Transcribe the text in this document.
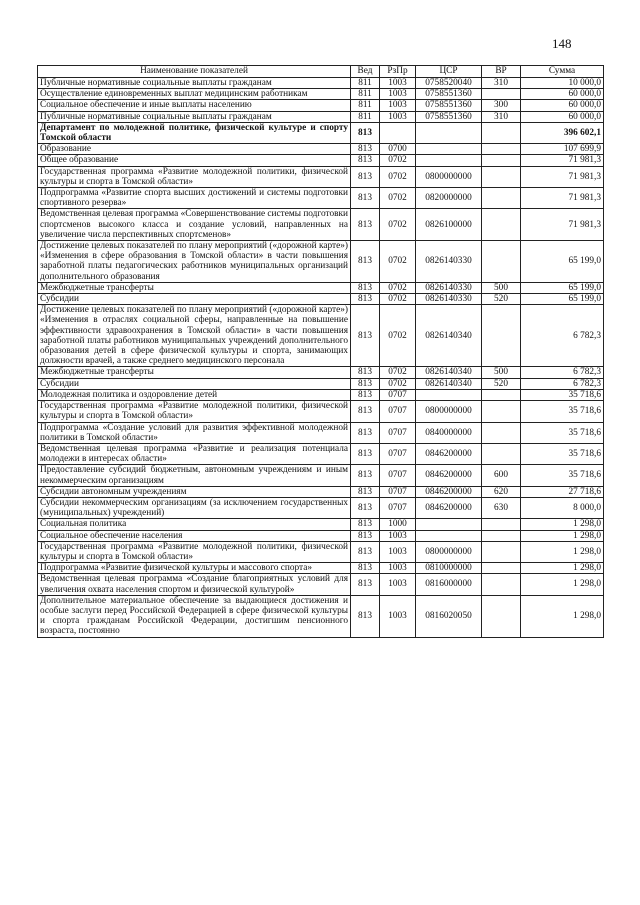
148
Наименование показателей	Вед	РзПр	ЦСР	ВР	Сумма
Публичные нормативные социальные выплаты гражданам	811	1003	0758520040	310	10 000,0
Осуществление единовременных выплат медицинским работникам	811	1003	0758551360		60 000,0
Социальное обеспечение и иные выплаты населению	811	1003	0758551360	300	60 000,0
Публичные нормативные социальные выплаты гражданам	811	1003	0758551360	310	60 000,0
Департамент по молодежной политике, физической культуре и спорту Томской области	813				396 602,1
Образование	813	0700			107 699,9
Общее образование	813	0702			71 981,3
Государственная программа «Развитие молодежной политики, физической культуры и спорта в Томской области»	813	0702	0800000000		71 981,3
Подпрограмма «Развитие спорта высших достижений и системы подготовки спортивного резерва»	813	0702	0820000000		71 981,3
Ведомственная целевая программа «Совершенствование системы подготовки спортсменов высокого класса и создание условий, направленных на увеличение числа перспективных спортсменов»	813	0702	0826100000		71 981,3
Достижение целевых показателей по плану мероприятий («дорожной карте») «Изменения в сфере образования в Томской области» в части повышения заработной платы педагогических работников муниципальных организаций дополнительного образования	813	0702	0826140330		65 199,0
Межбюджетные трансферты	813	0702	0826140330	500	65 199,0
Субсидии	813	0702	0826140330	520	65 199,0
Достижение целевых показателей по плану мероприятий («дорожной карте») «Изменения в отраслях социальной сферы, направленные на повышение эффективности здравоохранения в Томской области» в части повышения заработной платы работников муниципальных учреждений дополнительного образования детей в сфере физической культуры и спорта, занимающих должности врачей, а также среднего медицинского персонала	813	0702	0826140340		6 782,3
Межбюджетные трансферты	813	0702	0826140340	500	6 782,3
Субсидии	813	0702	0826140340	520	6 782,3
Молодежная политика и оздоровление детей	813	0707			35 718,6
Государственная программа «Развитие молодежной политики, физической культуры и спорта в Томской области»	813	0707	0800000000		35 718,6
Подпрограмма «Создание условий для развития эффективной молодежной политики в Томской области»	813	0707	0840000000		35 718,6
Ведомственная целевая программа «Развитие и реализация потенциала молодежи в интересах области»	813	0707	0846200000		35 718,6
Предоставление субсидий бюджетным, автономным учреждениям и иным некоммерческим организациям	813	0707	0846200000	600	35 718,6
Субсидии автономным учреждениям	813	0707	0846200000	620	27 718,6
Субсидии некоммерческим организациям (за исключением государственных (муниципальных) учреждений)	813	0707	0846200000	630	8 000,0
Социальная политика	813	1000			1 298,0
Социальное обеспечение населения	813	1003			1 298,0
Государственная программа «Развитие молодежной политики, физической культуры и спорта в Томской области»	813	1003	0800000000		1 298,0
Подпрограмма «Развитие физической культуры и массового спорта»	813	1003	0810000000		1 298,0
Ведомственная целевая программа «Создание благоприятных условий для увеличения охвата населения спортом и физической культурой»	813	1003	0816000000		1 298,0
Дополнительное материальное обеспечение за выдающиеся достижения и особые заслуги перед Российской Федерацией в сфере физической культуры и спорта гражданам Российской Федерации, достигшим пенсионного возраста, постоянно	813	1003	0816020050		1 298,0
